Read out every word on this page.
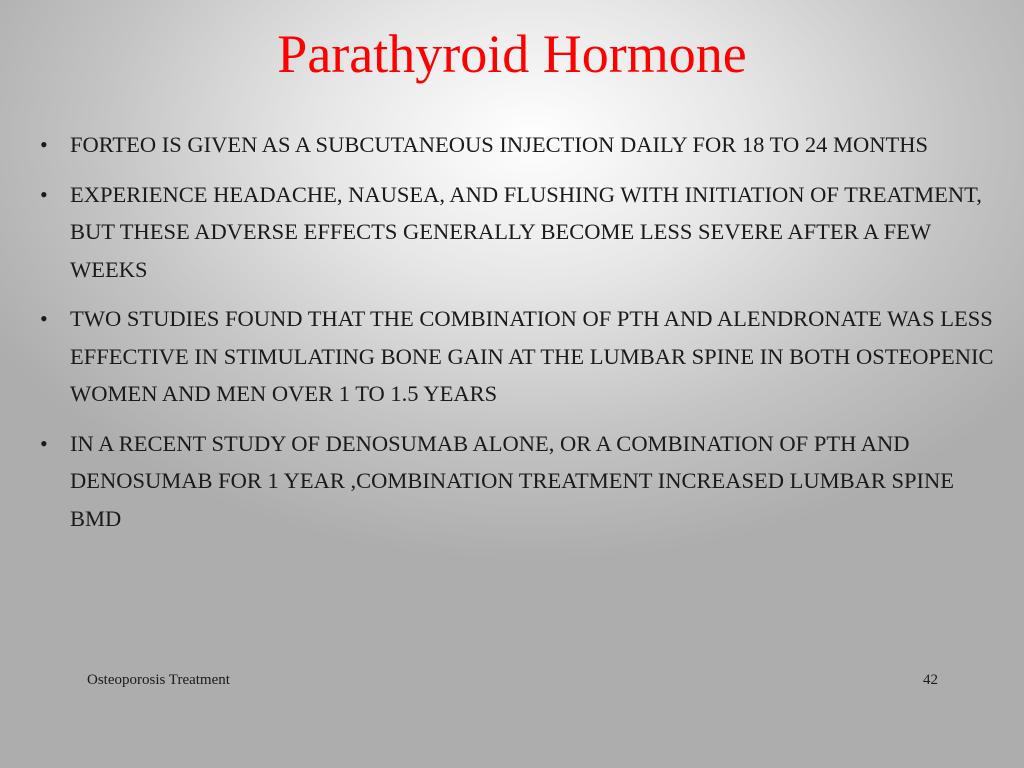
Parathyroid Hormone
• FORTEO IS GIVEN AS A SUBCUTANEOUS INJECTION DAILY FOR 18 TO 24 MONTHS
• EXPERIENCE HEADACHE, NAUSEA, AND FLUSHING WITH INITIATION OF TREATMENT, BUT THESE ADVERSE EFFECTS GENERALLY BECOME LESS SEVERE AFTER A FEW WEEKS
• TWO STUDIES FOUND THAT THE COMBINATION OF PTH AND ALENDRONATE WAS LESS EFFECTIVE IN STIMULATING BONE GAIN AT THE LUMBAR SPINE IN BOTH OSTEOPENIC WOMEN AND MEN OVER 1 TO 1.5 YEARS
• IN A RECENT STUDY OF DENOSUMAB ALONE, OR A COMBINATION OF PTH AND DENOSUMAB FOR 1 YEAR ,COMBINATION TREATMENT INCREASED LUMBAR SPINE BMD
Osteoporosis Treatment	42
